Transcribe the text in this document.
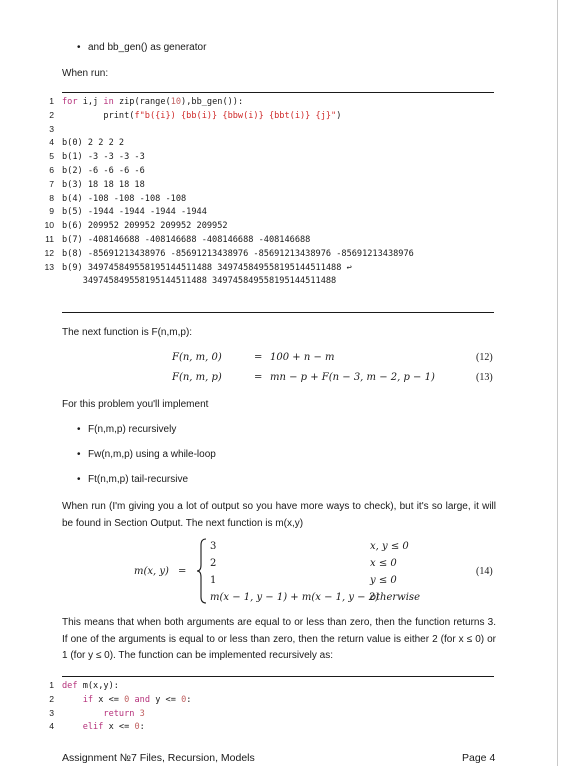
• and bb_gen() as generator
When run:
1 for i,j in zip(range(10),bb_gen()):
2 print(f"b({i}) {bb(i)} {bbw(i)} {bbt(i)} {j}")
3
4 b(0) 2 2 2 2
5 b(1) -3 -3 -3 -3
6 b(2) -6 -6 -6 -6
7 b(3) 18 18 18 18
8 b(4) -108 -108 -108 -108
9 b(5) -1944 -1944 -1944 -1944
10 b(6) 209952 209952 209952 209952
11 b(7) -408146688 -408146688 -408146688 -408146688
12 b(8) -85691213438976 -85691213438976 -85691213438976 -85691213438976
13 b(9) 349745849558195144511488 349745849558195144511488 ↩
349745849558195144511488 349745849558195144511488
The next function is F(n,m,p):
F(n, m, 0)	= 100 + n − m	(12)
F(n, m, p)	= mn − p + F(n − 3, m − 2, p − 1)	(13)
For this problem you'll implement
• F(n,m,p) recursively
• Fw(n,m,p) using a while-loop
• Ft(n,m,p) tail-recursive
When run (I'm giving you a lot of output so you have more ways to check), but it's so large, it will be found in Section Output. The next function is m(x,y)
m(x, y) =
3	x, y ≤ 0
2	x ≤ 0
1	y ≤ 0
m(x − 1, y − 1) + m(x − 1, y − 2)
otherwise
(14)
This means that when both arguments are equal to or less than zero, then the function returns 3. If one of the arguments is equal to or less than zero, then the return value is either 2 (for x ≤ 0) or 1 (for y ≤ 0). The function can be implemented recursively as:
1 def m(x,y):
2	if x <= 0 and y <= 0:
3	return 3
4	elif x <= 0:
Assignment №7 Files, Recursion, Models	Page 4
